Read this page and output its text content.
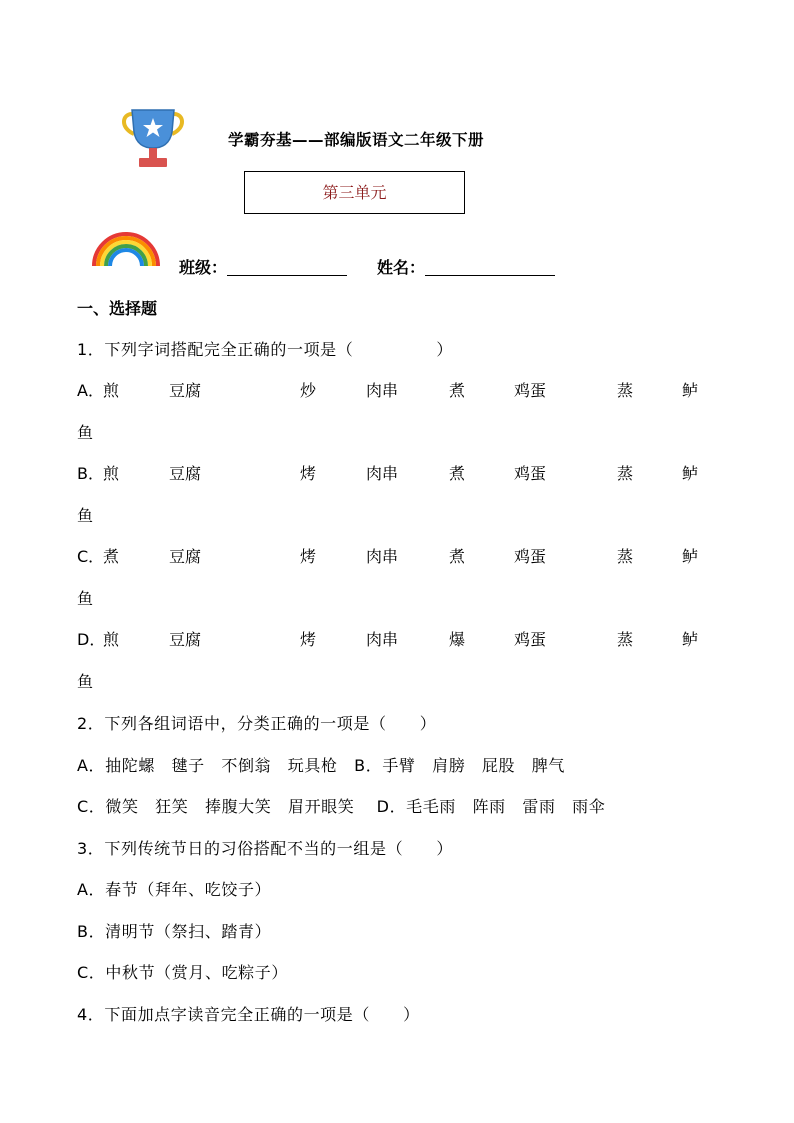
学霸夯基——部编版语文二年级下册
第三单元
班级：	姓名：
一、选择题
1．下列字词搭配完全正确的一项是（　　　　　）
A． 煎	豆腐	炒	肉串	煮	鸡蛋	蒸	鲈
鱼
B． 煎	豆腐	烤	肉串	煮	鸡蛋	蒸	鲈
鱼
C．
煮	豆腐	烤	肉串	煮	鸡蛋	蒸	鲈
鱼
D．
煎	豆腐	烤	肉串	爆	鸡蛋	蒸	鲈
鱼
2．下列各组词语中，分类正确的一项是（　　）
A．抽陀螺　毽子　不倒翁　玩具枪　B．手臂　肩膀　屁股　脾气
C．微笑　狂笑　捧腹大笑　眉开眼笑　 D．毛毛雨　阵雨　雷雨　雨伞
3．下列传统节日的习俗搭配不当的一组是（　　）
A．春节（拜年、吃饺子）
B．清明节（祭扫、踏青）
C．中秋节（赏月、吃粽子）
4．下面加点字读音完全正确的一项是（　　）
